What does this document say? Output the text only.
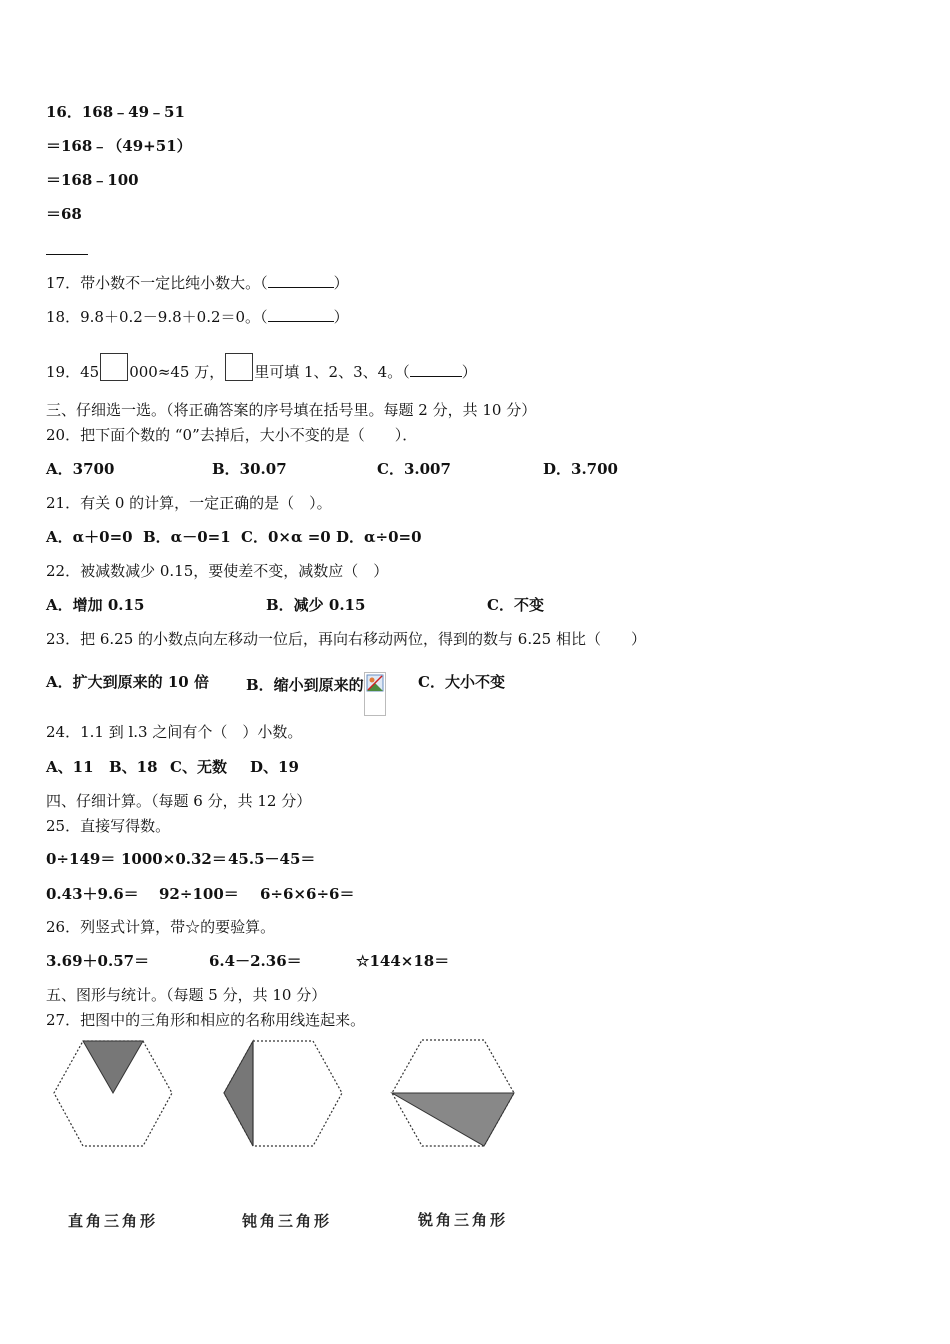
16．168﹣49﹣51
＝168﹣（49+51）
＝168﹣100
＝68
17．带小数不一定比纯小数大。（	）
18．9.8＋0.2－9.8＋0.2＝0。（	）
19．45 000≈45 万， 里可填 1、2、3、4。（	）
三、仔细选一选。（将正确答案的序号填在括号里。每题 2 分，共 10 分）
20．把下面个数的 “0”去掉后，大小不变的是（　　）．
A．3700	B．30.07	C．3.007	D．3.700
21．有关 0 的计算，一定正确的是（　）。
A．α＋0=0 B．α－0=1 C．0×α =0 D．α÷0=0
22．被减数减少 0.15，要使差不变，减数应（　）
A．增加 0.15	B．减少 0.15	C．不变
23．把 6.25 的小数点向左移动一位后，再向右移动两位，得到的数与 6.25 相比（　　）
A．扩大到原来的 10 倍 B．缩小到原来的	C．大小不变
24．1.1 到 l.3 之间有个（　）小数。
A、11 B、18 C、无数 D、19
四、仔细计算。（每题 6 分，共 12 分）
25．直接写得数。
0÷149＝ 1000×0.32＝ 45.5－45＝
0.43＋9.6＝ 92÷100＝ 6÷6×6÷6＝
26．列竖式计算，带☆的要验算。
3.69＋0.57＝	6.4－2.36＝	☆144×18＝
五、图形与统计。（每题 5 分，共 10 分）
27．把图中的三角形和相应的名称用线连起来。
直角三角形	钝角三角形	锐角三角形
